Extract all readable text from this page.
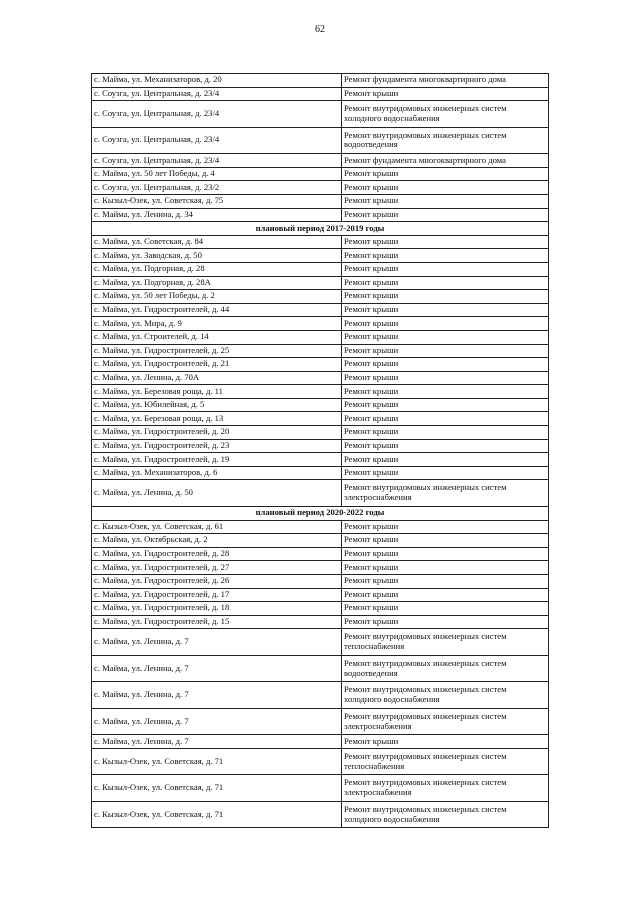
62
с. Майма, ул. Механизаторов, д. 20	Ремонт фундамента многоквартирного дома
с. Соузга, ул. Центральная, д. 23/4	Ремонт крыши
с. Соузга, ул. Центральная, д. 23/4	Ремонт внутридомовых инженерных систем холодного водоснабжения
с. Соузга, ул. Центральная, д. 23/4	Ремонт внутридомовых инженерных систем водоотведения
с. Соузга, ул. Центральная, д. 23/4	Ремонт фундамента многоквартирного дома
с. Майма, ул. 50 лет Победы, д. 4	Ремонт крыши
с. Соузга, ул. Центральная, д. 23/2	Ремонт крыши
с. Кызыл-Озек, ул. Советская, д. 75	Ремонт крыши
с. Майма, ул. Ленина, д. 34	Ремонт крыши
плановый период 2017-2019 годы	
с. Майма, ул. Советская, д. 84	Ремонт крыши
с. Майма, ул. Заводская, д. 50	Ремонт крыши
с. Майма, ул. Подгорная, д. 28	Ремонт крыши
с. Майма, ул. Подгорная, д. 28А	Ремонт крыши
с. Майма, ул. 50 лет Победы, д. 2	Ремонт крыши
с. Майма, ул. Гидростроителей, д. 44	Ремонт крыши
с. Майма, ул. Мира, д. 9	Ремонт крыши
с. Майма, ул. Строителей, д. 14	Ремонт крыши
с. Майма, ул. Гидростроителей, д. 25	Ремонт крыши
с. Майма, ул. Гидростроителей, д. 21	Ремонт крыши
с. Майма, ул. Ленина, д. 70А	Ремонт крыши
с. Майма, ул. Березовая роща, д. 11	Ремонт крыши
с. Майма, ул. Юбилейная, д. 5	Ремонт крыши
с. Майма, ул. Березовая роща, д. 13	Ремонт крыши
с. Майма, ул. Гидростроителей, д. 20	Ремонт крыши
с. Майма, ул. Гидростроителей, д. 23	Ремонт крыши
с. Майма, ул. Гидростроителей, д. 19	Ремонт крыши
с. Майма, ул. Механизаторов, д. 6	Ремонт крыши
с. Майма, ул. Ленина, д. 50	Ремонт внутридомовых инженерных систем электроснабжения
плановый период 2020-2022 годы	
с. Кызыл-Озек, ул. Советская, д. 61	Ремонт крыши
с. Майма, ул. Октябрьская, д. 2	Ремонт крыши
с. Майма, ул. Гидростроителей, д. 28	Ремонт крыши
с. Майма, ул. Гидростроителей, д. 27	Ремонт крыши
с. Майма, ул. Гидростроителей, д. 26	Ремонт крыши
с. Майма, ул. Гидростроителей, д. 17	Ремонт крыши
с. Майма, ул. Гидростроителей, д. 18	Ремонт крыши
с. Майма, ул. Гидростроителей, д. 15	Ремонт крыши
с. Майма, ул. Ленина, д. 7	Ремонт внутридомовых инженерных систем теплоснабжения
с. Майма, ул. Ленина, д. 7	Ремонт внутридомовых инженерных систем водоотведения
с. Майма, ул. Ленина, д. 7	Ремонт внутридомовых инженерных систем холодного водоснабжения
с. Майма, ул. Ленина, д. 7	Ремонт внутридомовых инженерных систем электроснабжения
с. Майма, ул. Ленина, д. 7	Ремонт крыши
с. Кызыл-Озек, ул. Советская, д. 71	Ремонт внутридомовых инженерных систем теплоснабжения
с. Кызыл-Озек, ул. Советская, д. 71	Ремонт внутридомовых инженерных систем электроснабжения
с. Кызыл-Озек, ул. Советская, д. 71	Ремонт внутридомовых инженерных систем холодного водоснабжения
